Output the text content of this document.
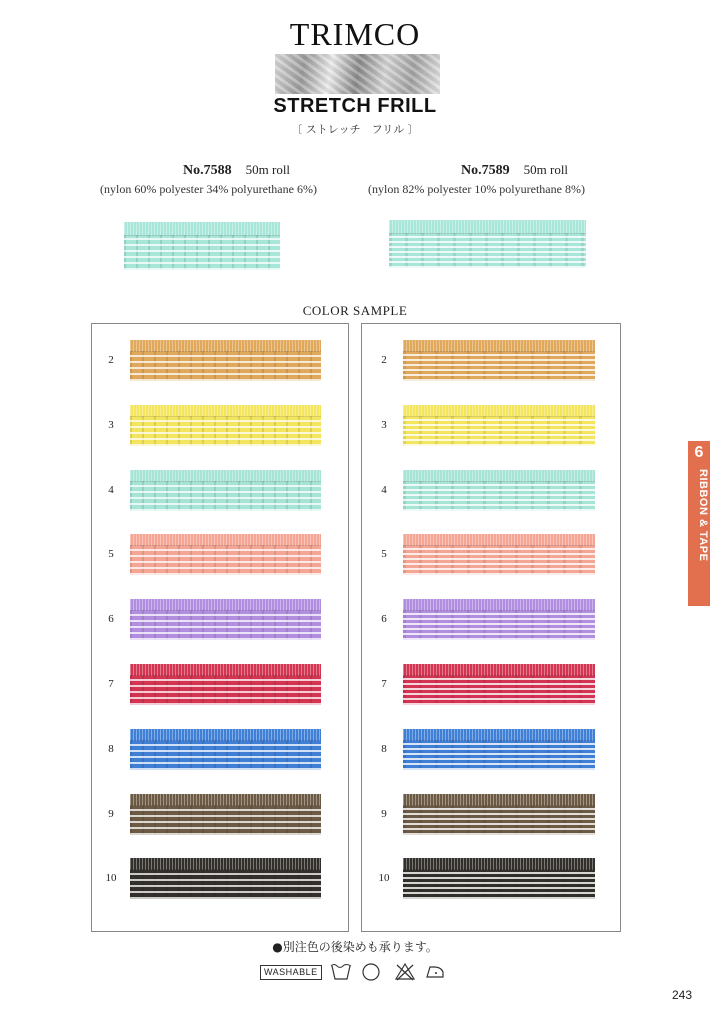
TRIMCO
STRETCH FRILL
〔 ストレッチ　フリル 〕
No.7588 50m roll
(nylon 60% polyester 34% polyurethane 6%)
No.7589 50m roll
(nylon 82% polyester 10% polyurethane 8%)
COLOR SAMPLE
2	2
3	3
4	4
5	5
6	6
7	7
8	8
9	9
10	10
6
RIBBON & TAPE
●別注色の後染めも承ります。
WASHABLE
243
